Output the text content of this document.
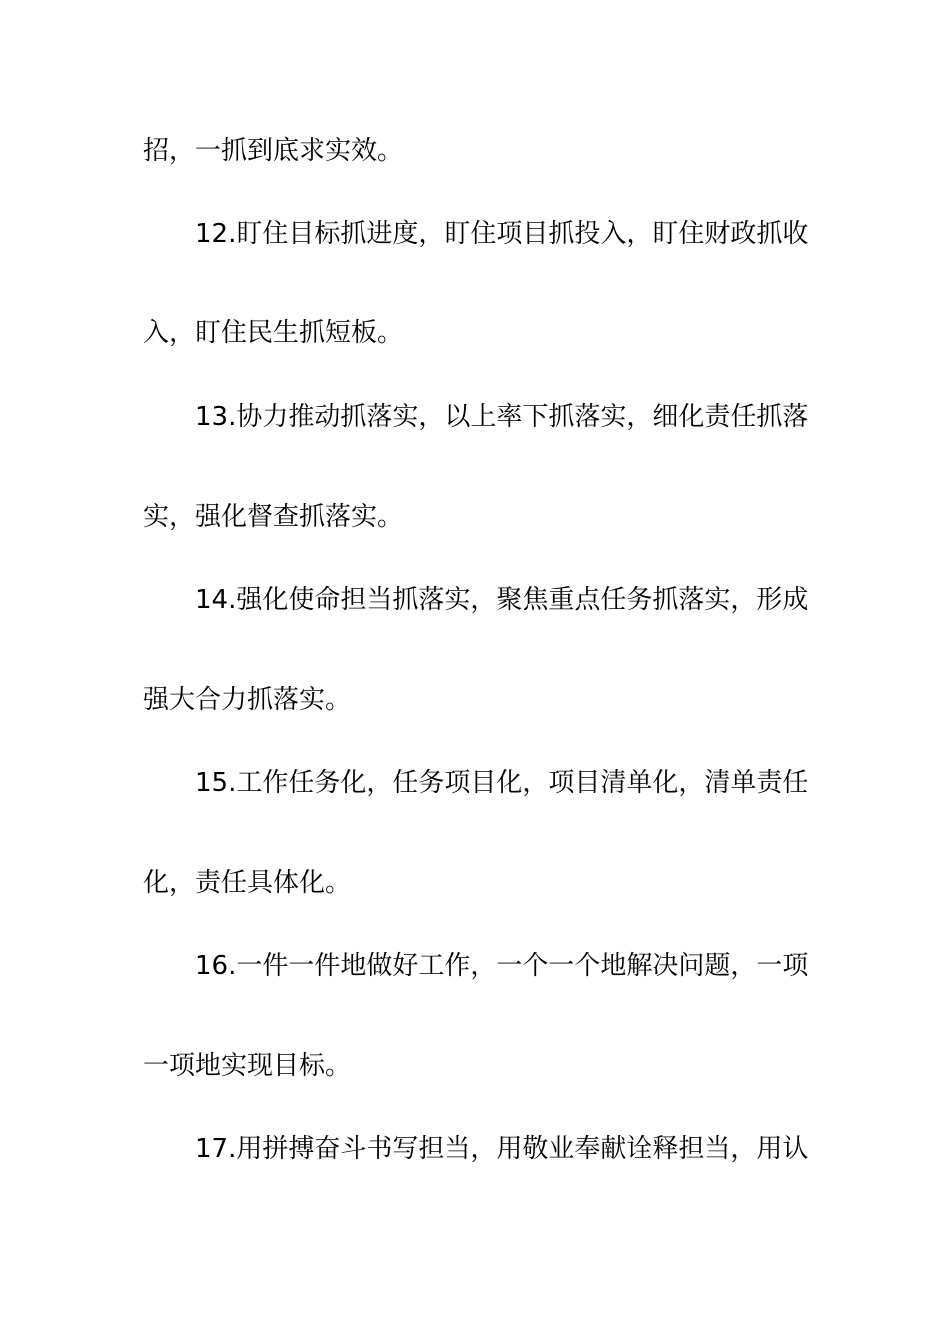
招，一抓到底求实效。
12.盯住目标抓进度，盯住项目抓投入，盯住财政抓收
入，盯住民生抓短板。
13.协力推动抓落实，以上率下抓落实，细化责任抓落
实，强化督查抓落实。
14.强化使命担当抓落实，聚焦重点任务抓落实，形成
强大合力抓落实。
15.工作任务化，任务项目化，项目清单化，清单责任
化，责任具体化。
16.一件一件地做好工作，一个一个地解决问题，一项
一项地实现目标。
17.用拼搏奋斗书写担当，用敬业奉献诠释担当，用认
